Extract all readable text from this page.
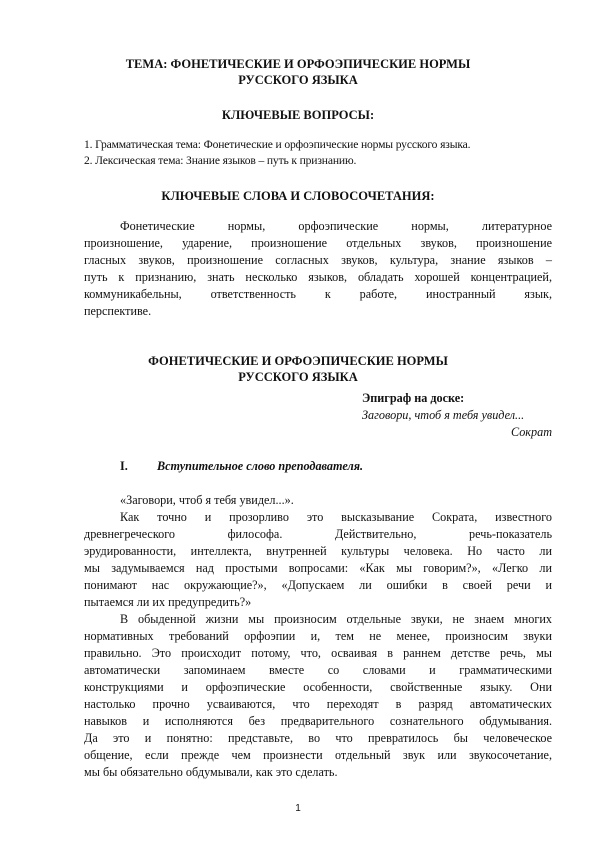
ТЕМА: ФОНЕТИЧЕСКИЕ И ОРФОЭПИЧЕСКИЕ НОРМЫ
РУССКОГО ЯЗЫКА
КЛЮЧЕВЫЕ ВОПРОСЫ:
1. Грамматическая тема: Фонетические и орфоэпические нормы русского языка.
2. Лексическая тема: Знание языков – путь к признанию.
КЛЮЧЕВЫЕ СЛОВА И СЛОВОСОЧЕТАНИЯ:
Фонетические нормы, орфоэпические нормы, литературное
произношение, ударение, произношение отдельных звуков, произношение
гласных звуков, произношение согласных звуков, культура, знание языков –
путь к признанию, знать несколько языков, обладать хорошей концентрацией,
коммуникабельны, ответственность к работе, иностранный язык,
перспективе.
ФОНЕТИЧЕСКИЕ И ОРФОЭПИЧЕСКИЕ НОРМЫ
РУССКОГО ЯЗЫКА
Эпиграф на доске:
Заговори, чтоб я тебя увидел...
Сократ
I. Вступительное слово преподавателя.
«Заговори, чтоб я тебя увидел...».
Как точно и прозорливо это высказывание Сократа, известного
древнегреческого философа. Действительно, речь-показатель
эрудированности, интеллекта, внутренней культуры человека. Но часто ли
мы задумываемся над простыми вопросами: «Как мы говорим?», «Легко ли
понимают нас окружающие?», «Допускаем ли ошибки в своей речи и
пытаемся ли их предупредить?»
В обыденной жизни мы произносим отдельные звуки, не знаем многих
нормативных требований орфоэпии и, тем не менее, произносим звуки
правильно. Это происходит потому, что, осваивая в раннем детстве речь, мы
автоматически запоминаем вместе со словами и грамматическими
конструкциями и орфоэпические особенности, свойственные языку. Они
настолько прочно усваиваются, что переходят в разряд автоматических
навыков и исполняются без предварительного сознательного обдумывания.
Да это и понятно: представьте, во что превратилось бы человеческое
общение, если прежде чем произнести отдельный звук или звукосочетание,
мы бы обязательно обдумывали, как это сделать.
1
